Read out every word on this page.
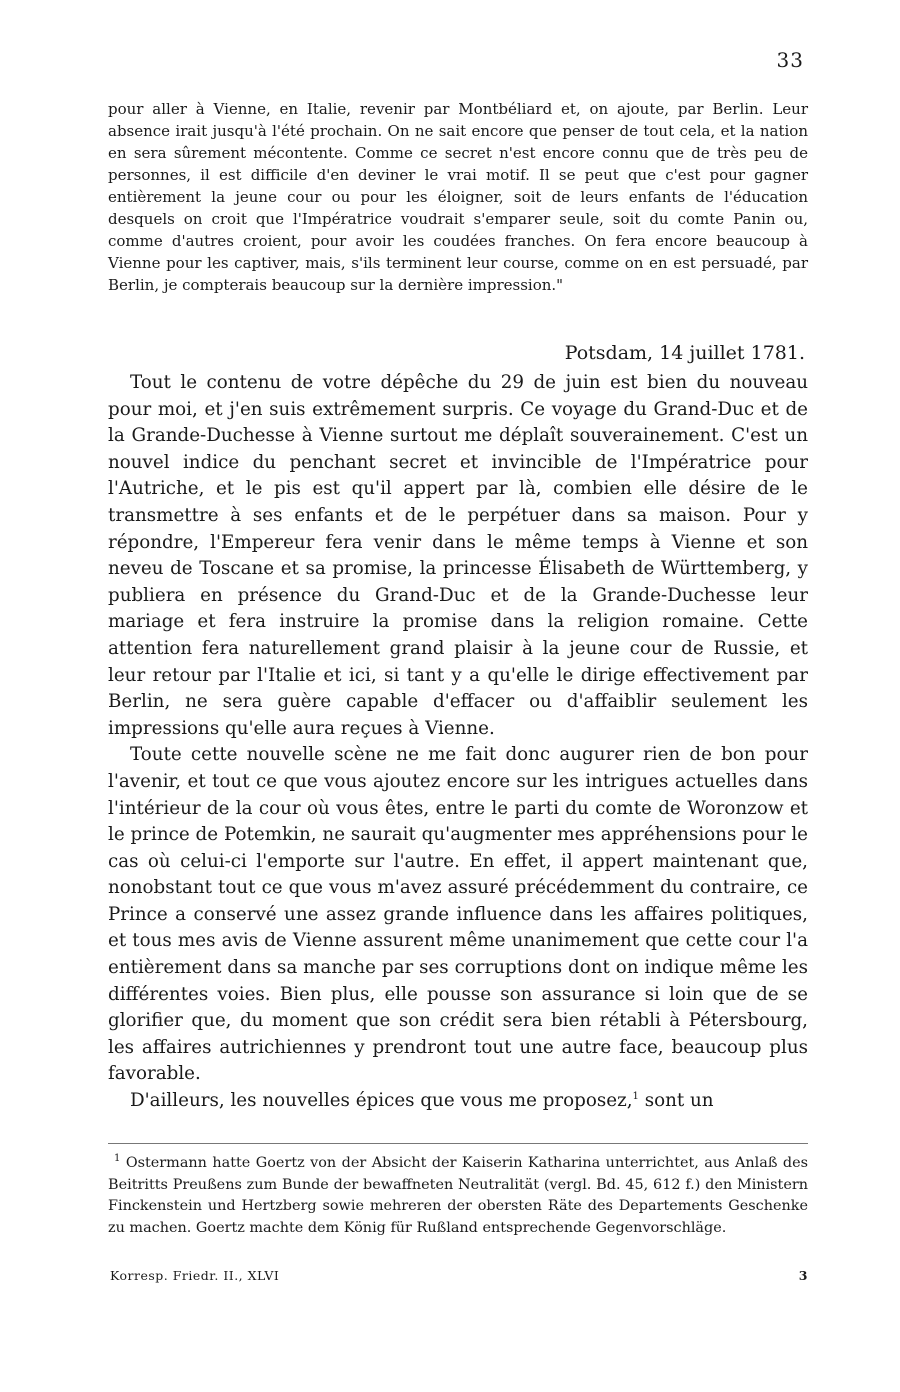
33
pour aller à Vienne, en Italie, revenir par Montbéliard et, on ajoute, par Berlin. Leur absence irait jusqu'à l'été prochain. On ne sait encore que penser de tout cela, et la nation en sera sûrement mécontente. Comme ce secret n'est encore connu que de très peu de personnes, il est difficile d'en deviner le vrai motif. Il se peut que c'est pour gagner entièrement la jeune cour ou pour les éloigner, soit de leurs enfants de l'éducation desquels on croit que l'Impératrice voudrait s'emparer seule, soit du comte Panin ou, comme d'autres croient, pour avoir les coudées franches. On fera encore beaucoup à Vienne pour les captiver, mais, s'ils terminent leur course, comme on en est persuadé, par Berlin, je compterais beaucoup sur la dernière impression."
Potsdam, 14 juillet 1781.

Tout le contenu de votre dépêche du 29 de juin est bien du nouveau pour moi, et j'en suis extrêmement surpris. Ce voyage du Grand-Duc et de la Grande-Duchesse à Vienne surtout me déplaît souverainement. C'est un nouvel indice du penchant secret et invincible de l'Impératrice pour l'Autriche, et le pis est qu'il appert par là, combien elle désire de le transmettre à ses enfants et de le perpétuer dans sa maison. Pour y répondre, l'Empereur fera venir dans le même temps à Vienne et son neveu de Toscane et sa promise, la princesse Élisabeth de Württemberg, y publiera en présence du Grand-Duc et de la Grande-Duchesse leur mariage et fera instruire la promise dans la religion romaine. Cette attention fera naturellement grand plaisir à la jeune cour de Russie, et leur retour par l'Italie et ici, si tant y a qu'elle le dirige effectivement par Berlin, ne sera guère capable d'effacer ou d'affaiblir seulement les impressions qu'elle aura reçues à Vienne.

Toute cette nouvelle scène ne me fait donc augurer rien de bon pour l'avenir, et tout ce que vous ajoutez encore sur les intrigues actuelles dans l'intérieur de la cour où vous êtes, entre le parti du comte de Woronzow et le prince de Potemkin, ne saurait qu'augmenter mes appréhensions pour le cas où celui-ci l'emporte sur l'autre. En effet, il appert maintenant que, nonobstant tout ce que vous m'avez assuré précédemment du contraire, ce Prince a conservé une assez grande influence dans les affaires politiques, et tous mes avis de Vienne assurent même unanimement que cette cour l'a entièrement dans sa manche par ses corruptions dont on indique même les différentes voies. Bien plus, elle pousse son assurance si loin que de se glorifier que, du moment que son crédit sera bien rétabli à Pétersbourg, les affaires autrichiennes y prendront tout une autre face, beaucoup plus favorable.

D'ailleurs, les nouvelles épices que vous me proposez,$^1$ sont un

$^1$ Ostermann hatte Goertz von der Absicht der Kaiserin Katharina unterrichtet, aus Anlaß des Beitritts Preußens zum Bunde der bewaffneten Neutralität (vergl. Bd. 45, 612 f.) den Ministern Finckenstein und Hertzberg sowie mehreren der obersten Räte des Departements Geschenke zu machen. Goertz machte dem König für Rußland entsprechende Gegenvorschläge.

Korresp. Friedr. II., XLVI	3
